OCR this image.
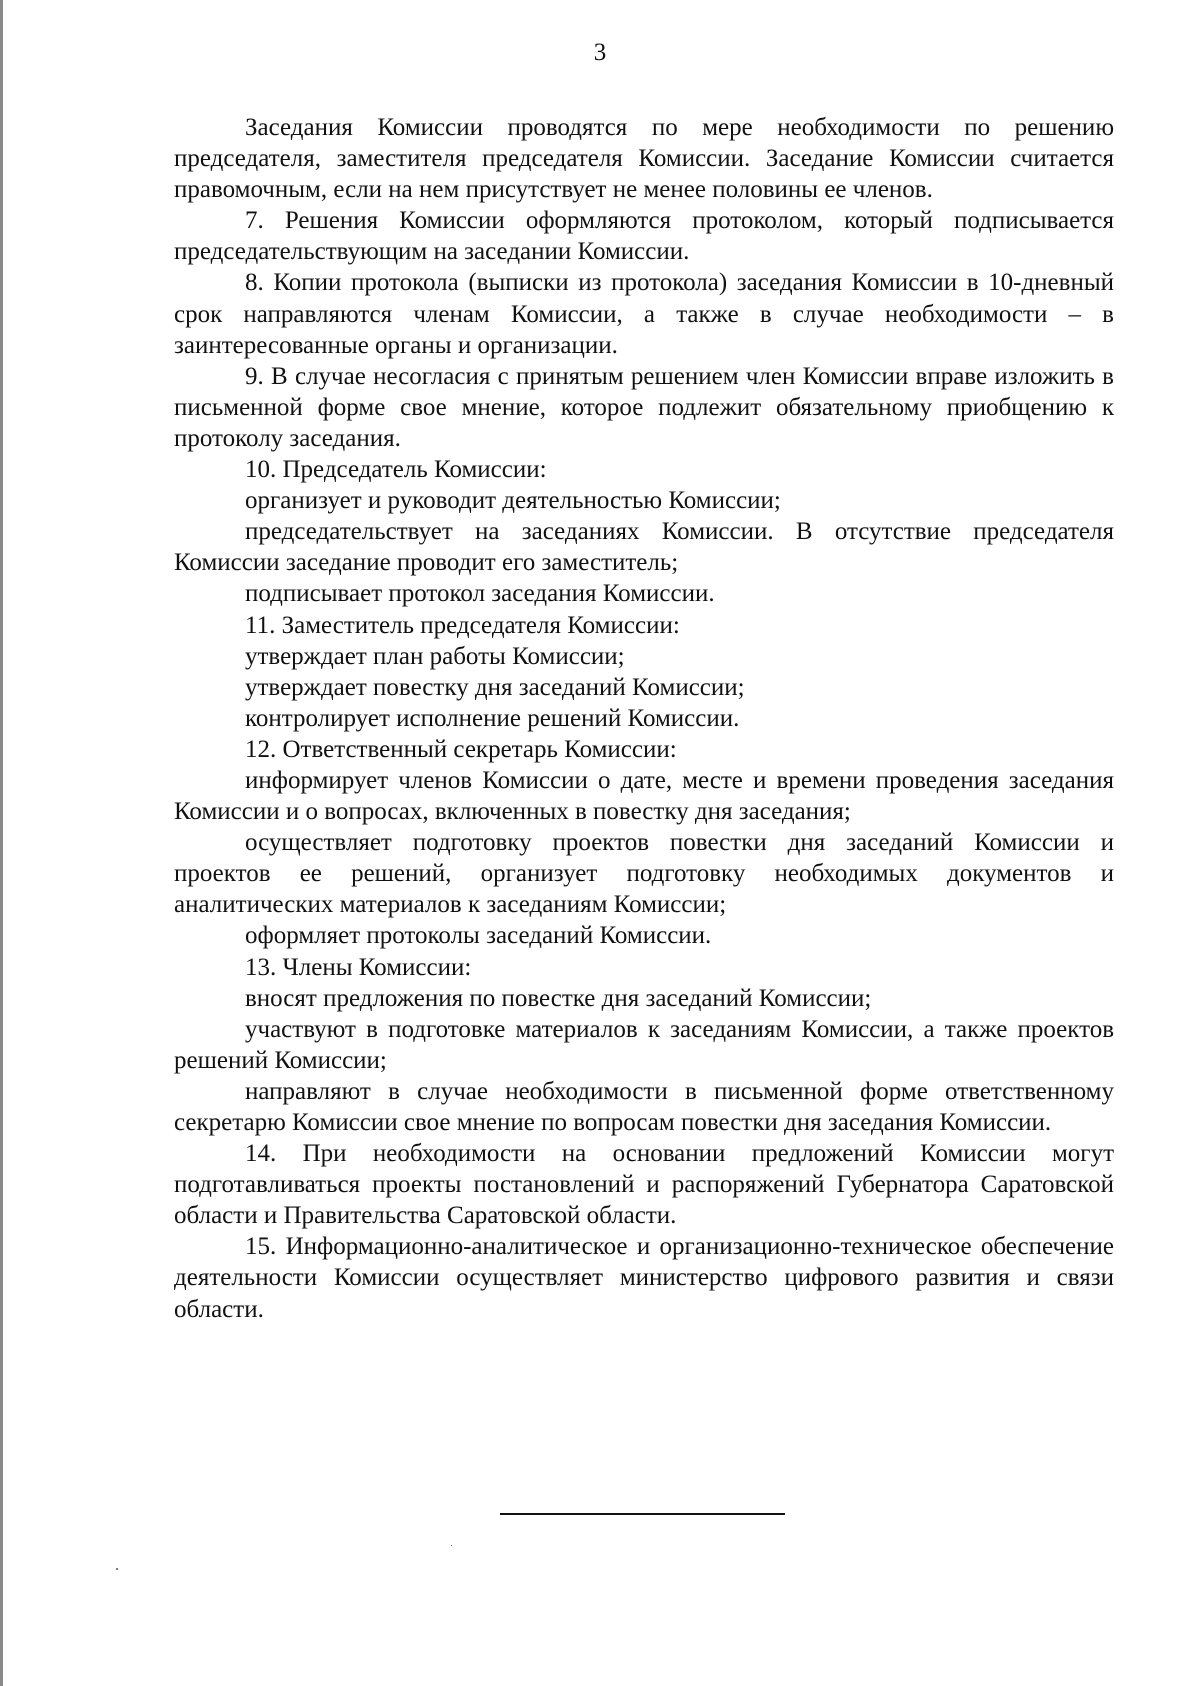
3

Заседания Комиссии проводятся по мере необходимости по решению председателя, заместителя председателя Комиссии. Заседание Комиссии считается правомочным, если на нем присутствует не менее половины ее членов.

7. Решения Комиссии оформляются протоколом, который подписывается председательствующим на заседании Комиссии.

8. Копии протокола (выписки из протокола) заседания Комиссии в 10-дневный срок направляются членам Комиссии, а также в случае необходимости – в заинтересованные органы и организации.

9. В случае несогласия с принятым решением член Комиссии вправе изложить в письменной форме свое мнение, которое подлежит обязательному приобщению к протоколу заседания.

10. Председатель Комиссии:

организует и руководит деятельностью Комиссии;

председательствует на заседаниях Комиссии. В отсутствие председателя Комиссии заседание проводит его заместитель;

подписывает протокол заседания Комиссии.

11. Заместитель председателя Комиссии:

утверждает план работы Комиссии;

утверждает повестку дня заседаний Комиссии;

контролирует исполнение решений Комиссии.

12. Ответственный секретарь Комиссии:

информирует членов Комиссии о дате, месте и времени проведения заседания Комиссии и о вопросах, включенных в повестку дня заседания;

осуществляет подготовку проектов повестки дня заседаний Комиссии и проектов ее решений, организует подготовку необходимых документов и аналитических материалов к заседаниям Комиссии;

оформляет протоколы заседаний Комиссии.

13. Члены Комиссии:

вносят предложения по повестке дня заседаний Комиссии;

участвуют в подготовке материалов к заседаниям Комиссии, а также проектов решений Комиссии;

направляют в случае необходимости в письменной форме ответственному секретарю Комиссии свое мнение по вопросам повестки дня заседания Комиссии.

14. При необходимости на основании предложений Комиссии могут подготавливаться проекты постановлений и распоряжений Губернатора Саратовской области и Правительства Саратовской области.

15. Информационно-аналитическое и организационно-техническое обеспечение деятельности Комиссии осуществляет министерство цифрового развития и связи области.
